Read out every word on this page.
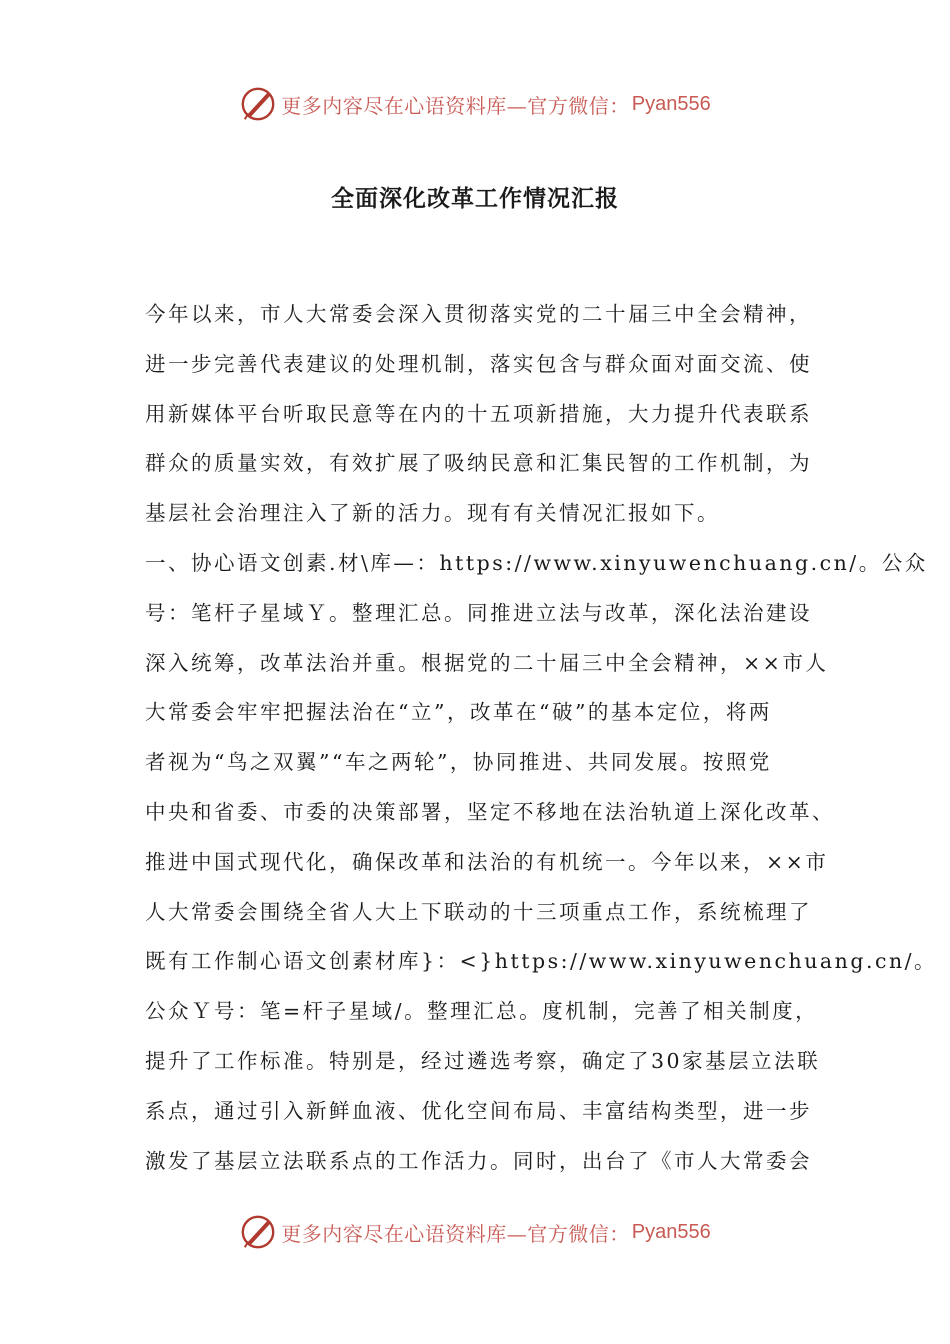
更多内容尽在心语资料库—官方微信： Pyan556
全面深化改革工作情况汇报
今年以来，市人大常委会深入贯彻落实党的二十届三中全会精神，
进一步完善代表建议的处理机制，落实包含与群众面对面交流、使
用新媒体平台听取民意等在内的十五项新措施，大力提升代表联系
群众的质量实效，有效扩展了吸纳民意和汇集民智的工作机制，为
基层社会治理注入了新的活力。现有有关情况汇报如下。
一、协心语文创素.材\库—：https://www.xinyuwenchuang.cn/。公众
号：笔杆子星域Ｙ。整理汇总。同推进立法与改革，深化法治建设
深入统筹，改革法治并重。根据党的二十届三中全会精神，××市人
大常委会牢牢把握法治在“立”，改革在“破”的基本定位，将两
者视为“鸟之双翼”“车之两轮”，协同推进、共同发展。按照党
中央和省委、市委的决策部署，坚定不移地在法治轨道上深化改革、
推进中国式现代化，确保改革和法治的有机统一。今年以来，××市
人大常委会围绕全省人大上下联动的十三项重点工作，系统梳理了
既有工作制心语文创素材库}：<}https://www.xinyuwenchuang.cn/。
公众Ｙ号：笔=杆子星域/。整理汇总。度机制，完善了相关制度，
提升了工作标准。特别是，经过遴选考察，确定了30家基层立法联
系点，通过引入新鲜血液、优化空间布局、丰富结构类型，进一步
激发了基层立法联系点的工作活力。同时，出台了《市人大常委会
更多内容尽在心语资料库—官方微信： Pyan556
